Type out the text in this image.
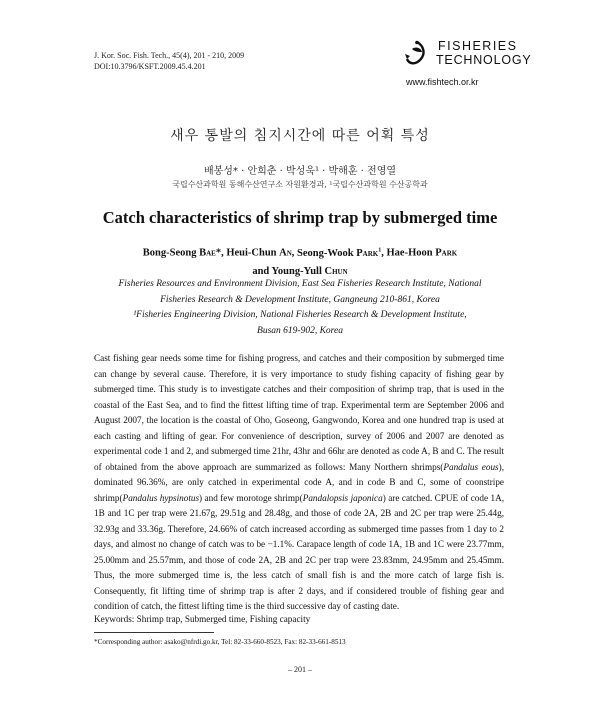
J. Kor. Soc. Fish. Tech., 45(4), 201 - 210, 2009
DOI:10.3796/KSFT.2009.45.4.201
FISHERIES
TECHNOLOGY
www.fishtech.or.kr
새우 통발의 침지시간에 따른 어획 특성
배봉성* · 안희춘 · 박성욱¹ · 박해훈 · 전영열
국립수산과학원 동해수산연구소 자원환경과, ¹국립수산과학원 수산공학과
Catch characteristics of shrimp trap by submerged time
Bong-Seong Bae*, Heui-Chun An, Seong-Wook Park$^1$, Hae-Hoon Park
and Young-Yull Chun
Fisheries Resources and Environment Division, East Sea Fisheries Research Institute, National
Fisheries Research & Development Institute, Gangneung 210-861, Korea
¹Fisheries Engineering Division, National Fisheries Research & Development Institute,
Busan 619-902, Korea

Cast fishing gear needs some time for fishing progress, and catches and their composition by submerged time can change by several cause. Therefore, it is very importance to study fishing capacity of fishing gear by submerged time. This study is to investigate catches and their composition of shrimp trap, that is used in the coastal of the East Sea, and to find the fittest lifting time of trap. Experimental term are September 2006 and August 2007, the location is the coastal of Oho, Goseong, Gangwondo, Korea and one hundred trap is used at each casting and lifting of gear. For convenience of description, survey of 2006 and 2007 are denoted as experimental code 1 and 2, and submerged time 21hr, 43hr and 66hr are denoted as code A, B and C. The result of obtained from the above approach are summarized as follows: Many Northern shrimps(Pandalus eous), dominated 96.36%, are only catched in experimental code A, and in code B and C, some of coonstripe shrimp(Pandalus hypsinotus) and few morotoge shrimp(Pandalopsis japonica) are catched. CPUE of code 1A, 1B and 1C per trap were 21.67g, 29.51g and 28.48g, and those of code 2A, 2B and 2C per trap were 25.44g, 32.93g and 33.36g. Therefore, 24.66% of catch increased according as submerged time passes from 1 day to 2 days, and almost no change of catch was to be −1.1%. Carapace length of code 1A, 1B and 1C were 23.77mm, 25.00mm and 25.57mm, and those of code 2A, 2B and 2C per trap were 23.83mm, 24.95mm and 25.45mm. Thus, the more submerged time is, the less catch of small fish is and the more catch of large fish is. Consequently, fit lifting time of shrimp trap is after 2 days, and if considered trouble of fishing gear and condition of catch, the fittest lifting time is the third successive day of casting date.

Keywords: Shrimp trap, Submerged time, Fishing capacity
*Corresponding author: asako@nfrdi.go.kr, Tel: 82-33-660-8523, Fax: 82-33-661-8513
– 201 –
